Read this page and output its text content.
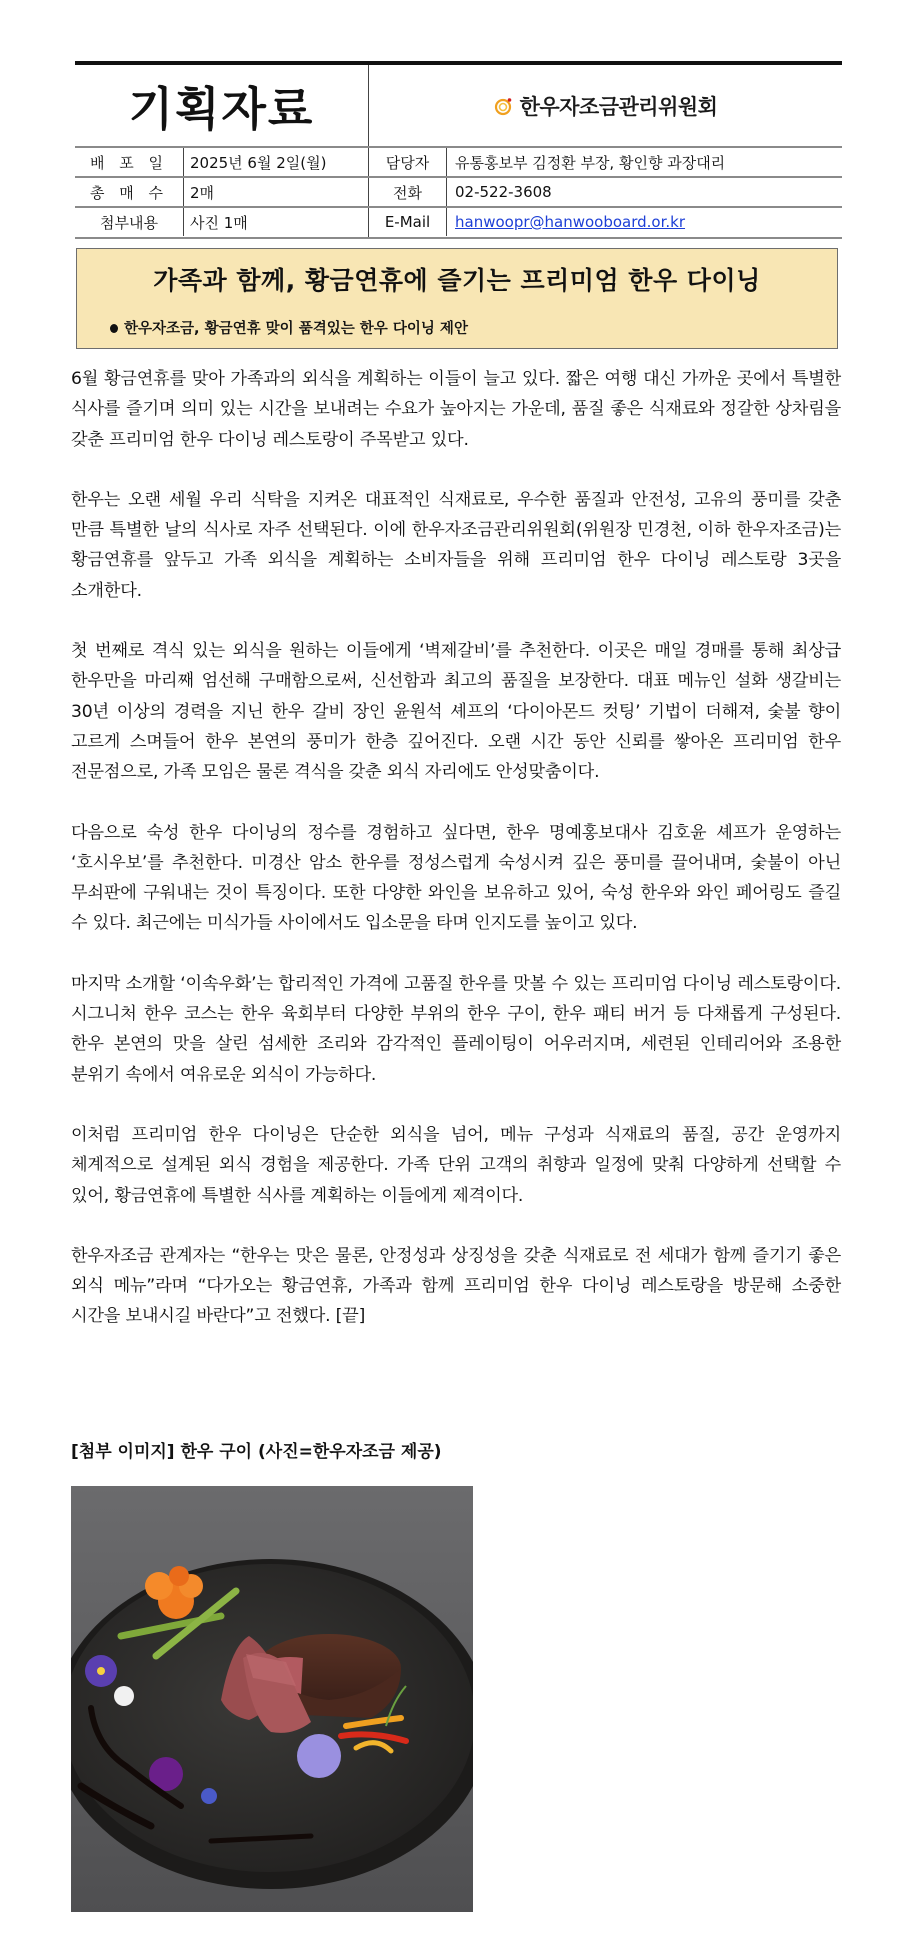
기획자료	한우자조금관리위원회
배 포 일	2025년 6월 2일(월)	담당자	유통홍보부 김정환 부장, 황인향 과장대리
총 매 수	2매	전화	02-522-3608
첨부내용	사진 1매	E-Mail	hanwoopr@hanwooboard.or.kr
가족과 함께, 황금연휴에 즐기는 프리미엄 한우 다이닝
한우자조금, 황금연휴 맞이 품격있는 한우 다이닝 제안

6월 황금연휴를 맞아 가족과의 외식을 계획하는 이들이 늘고 있다. 짧은 여행 대신 가까운 곳에서 특별한 식사를 즐기며 의미 있는 시간을 보내려는 수요가 높아지는 가운데, 품질 좋은 식재료와 정갈한 상차림을 갖춘 프리미엄 한우 다이닝 레스토랑이 주목받고 있다.

한우는 오랜 세월 우리 식탁을 지켜온 대표적인 식재료로, 우수한 품질과 안전성, 고유의 풍미를 갖춘 만큼 특별한 날의 식사로 자주 선택된다. 이에 한우자조금관리위원회(위원장 민경천, 이하 한우자조금)는 황금연휴를 앞두고 가족 외식을 계획하는 소비자들을 위해 프리미엄 한우 다이닝 레스토랑 3곳을 소개한다.

첫 번째로 격식 있는 외식을 원하는 이들에게 ‘벽제갈비’를 추천한다. 이곳은 매일 경매를 통해 최상급 한우만을 마리째 엄선해 구매함으로써, 신선함과 최고의 품질을 보장한다. 대표 메뉴인 설화 생갈비는 30년 이상의 경력을 지닌 한우 갈비 장인 윤원석 셰프의 ‘다이아몬드 컷팅’ 기법이 더해져, 숯불 향이 고르게 스며들어 한우 본연의 풍미가 한층 깊어진다. 오랜 시간 동안 신뢰를 쌓아온 프리미엄 한우 전문점으로, 가족 모임은 물론 격식을 갖춘 외식 자리에도 안성맞춤이다.

다음으로 숙성 한우 다이닝의 정수를 경험하고 싶다면, 한우 명예홍보대사 김호윤 셰프가 운영하는 ‘호시우보’를 추천한다. 미경산 암소 한우를 정성스럽게 숙성시켜 깊은 풍미를 끌어내며, 숯불이 아닌 무쇠판에 구워내는 것이 특징이다. 또한 다양한 와인을 보유하고 있어, 숙성 한우와 와인 페어링도 즐길 수 있다. 최근에는 미식가들 사이에서도 입소문을 타며 인지도를 높이고 있다.

마지막 소개할 ‘이속우화’는 합리적인 가격에 고품질 한우를 맛볼 수 있는 프리미엄 다이닝 레스토랑이다. 시그니처 한우 코스는 한우 육회부터 다양한 부위의 한우 구이, 한우 패티 버거 등 다채롭게 구성된다. 한우 본연의 맛을 살린 섬세한 조리와 감각적인 플레이팅이 어우러지며, 세련된 인테리어와 조용한 분위기 속에서 여유로운 외식이 가능하다.

이처럼 프리미엄 한우 다이닝은 단순한 외식을 넘어, 메뉴 구성과 식재료의 품질, 공간 운영까지 체계적으로 설계된 외식 경험을 제공한다. 가족 단위 고객의 취향과 일정에 맞춰 다양하게 선택할 수 있어, 황금연휴에 특별한 식사를 계획하는 이들에게 제격이다.

한우자조금 관계자는 “한우는 맛은 물론, 안정성과 상징성을 갖춘 식재료로 전 세대가 함께 즐기기 좋은 외식 메뉴”라며 “다가오는 황금연휴, 가족과 함께 프리미엄 한우 다이닝 레스토랑을 방문해 소중한 시간을 보내시길 바란다”고 전했다. [끝]

[첨부 이미지] 한우 구이 (사진=한우자조금 제공)
